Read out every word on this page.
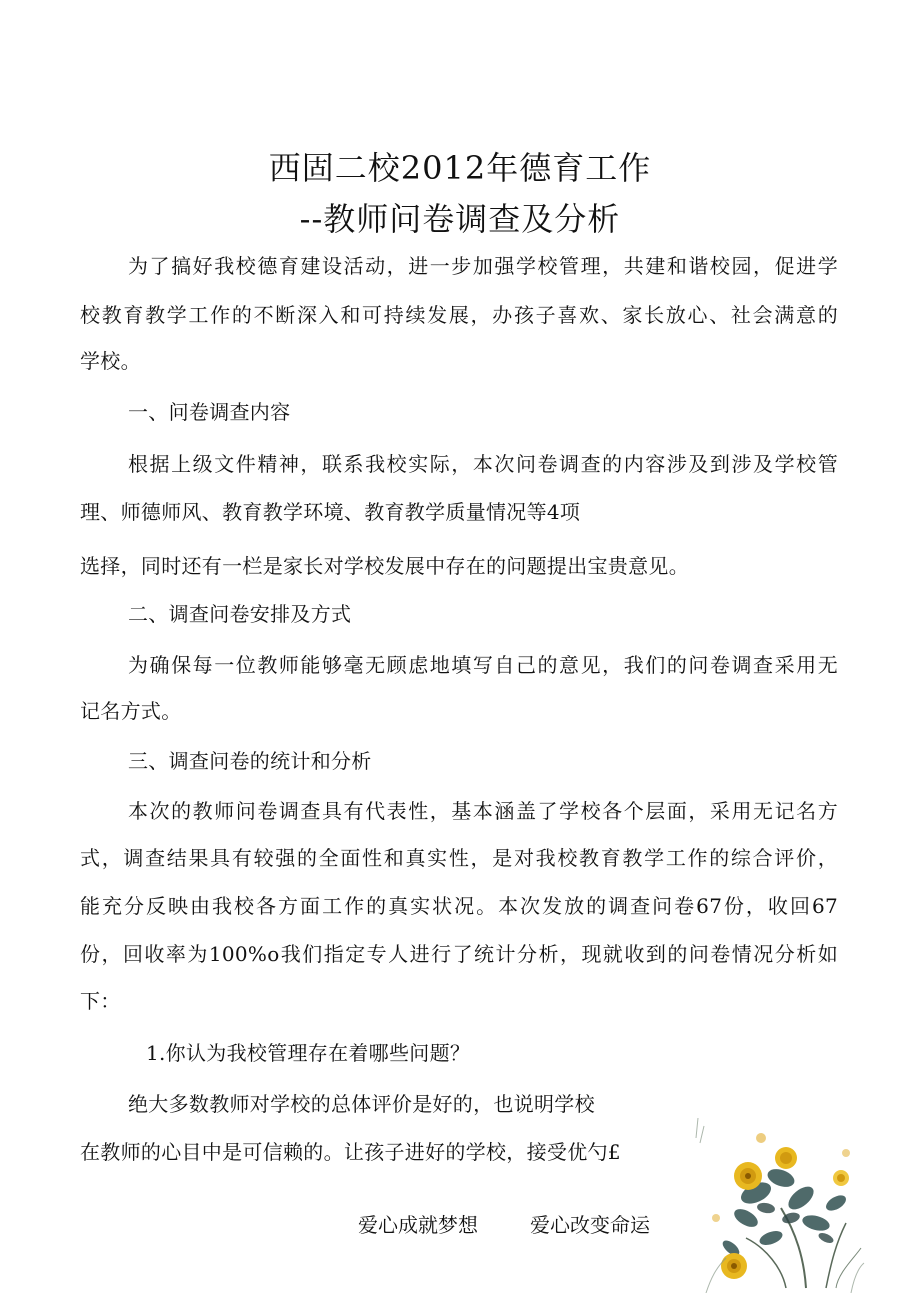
西固二校2012年德育工作
--教师问卷调查及分析
为了搞好我校德育建设活动，进一步加强学校管理，共建和谐校园，促进学
校教育教学工作的不断深入和可持续发展，办孩子喜欢、家长放心、社会满意的
学校。
一、问卷调查内容
根据上级文件精神，联系我校实际，本次问卷调查的内容涉及到涉及学校管
理、师德师风、教育教学环境、教育教学质量情况等4项
选择，同时还有一栏是家长对学校发展中存在的问题提出宝贵意见。
二、调查问卷安排及方式
为确保每一位教师能够毫无顾虑地填写自己的意见，我们的问卷调查采用无
记名方式。
三、调查问卷的统计和分析
本次的教师问卷调查具有代表性，基本涵盖了学校各个层面，采用无记名方
式，调查结果具有较强的全面性和真实性，是对我校教育教学工作的综合评价，
能充分反映由我校各方面工作的真实状况。本次发放的调查问卷67份，收回67
份，回收率为100%o我们指定专人进行了统计分析，现就收到的问卷情况分析如
下：
1.你认为我校管理存在着哪些问题？
绝大多数教师对学校的总体评价是好的，也说明学校
在教师的心目中是可信赖的。让孩子进好的学校，接受优勺£
爱心成就梦想	爱心改变命运
